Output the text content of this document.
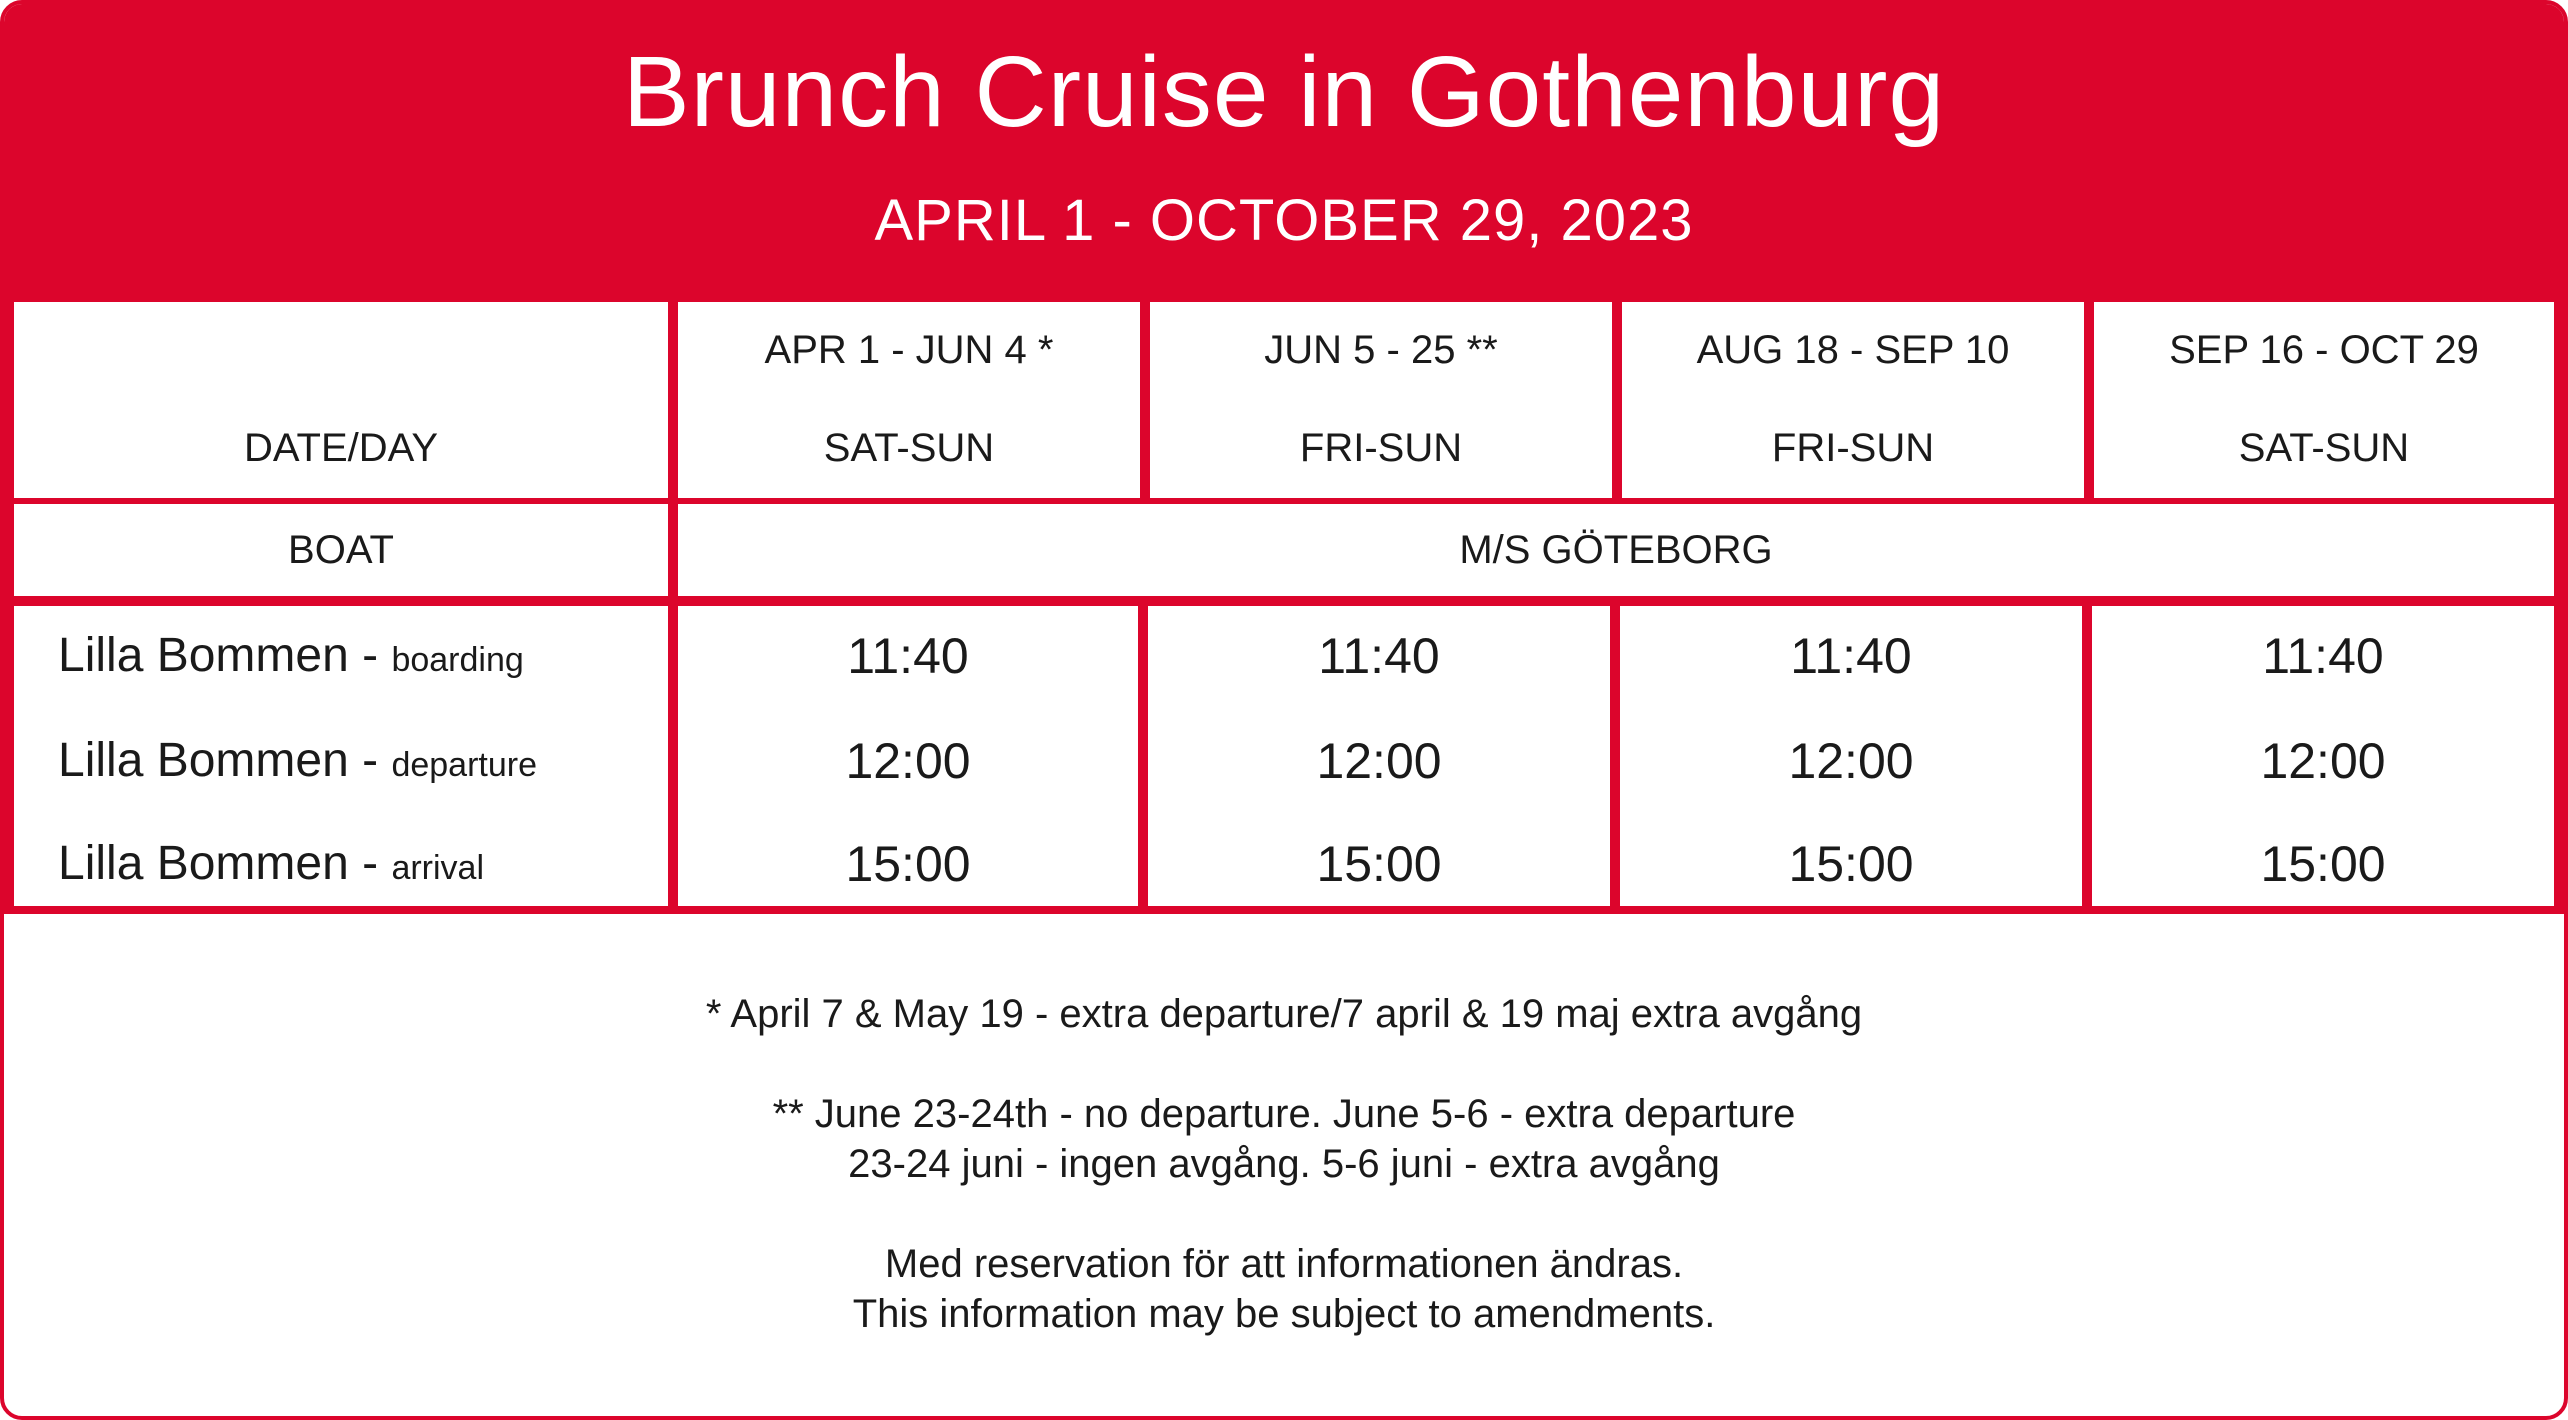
Brunch Cruise in Gothenburg
APRIL 1 - OCTOBER 29, 2023
DATE/DAY
APR 1 - JUN 4 *
SAT-SUN
JUN 5 - 25 **
FRI-SUN
AUG 18 - SEP 10
FRI-SUN
SEP 16 - OCT 29
SAT-SUN
BOAT	M/S GÖTEBORG
Lilla Bommen - boarding
Lilla Bommen - departure
Lilla Bommen - arrival
11:40
12:00
15:00
11:40
12:00
15:00
11:40
12:00
15:00
11:40
12:00
15:00

* April 7 & May 19 - extra departure/7 april & 19 maj extra avgång

** June 23-24th - no departure. June 5-6 - extra departure

23-24 juni - ingen avgång. 5-6 juni - extra avgång

Med reservation för att informationen ändras.

This information may be subject to amendments.
